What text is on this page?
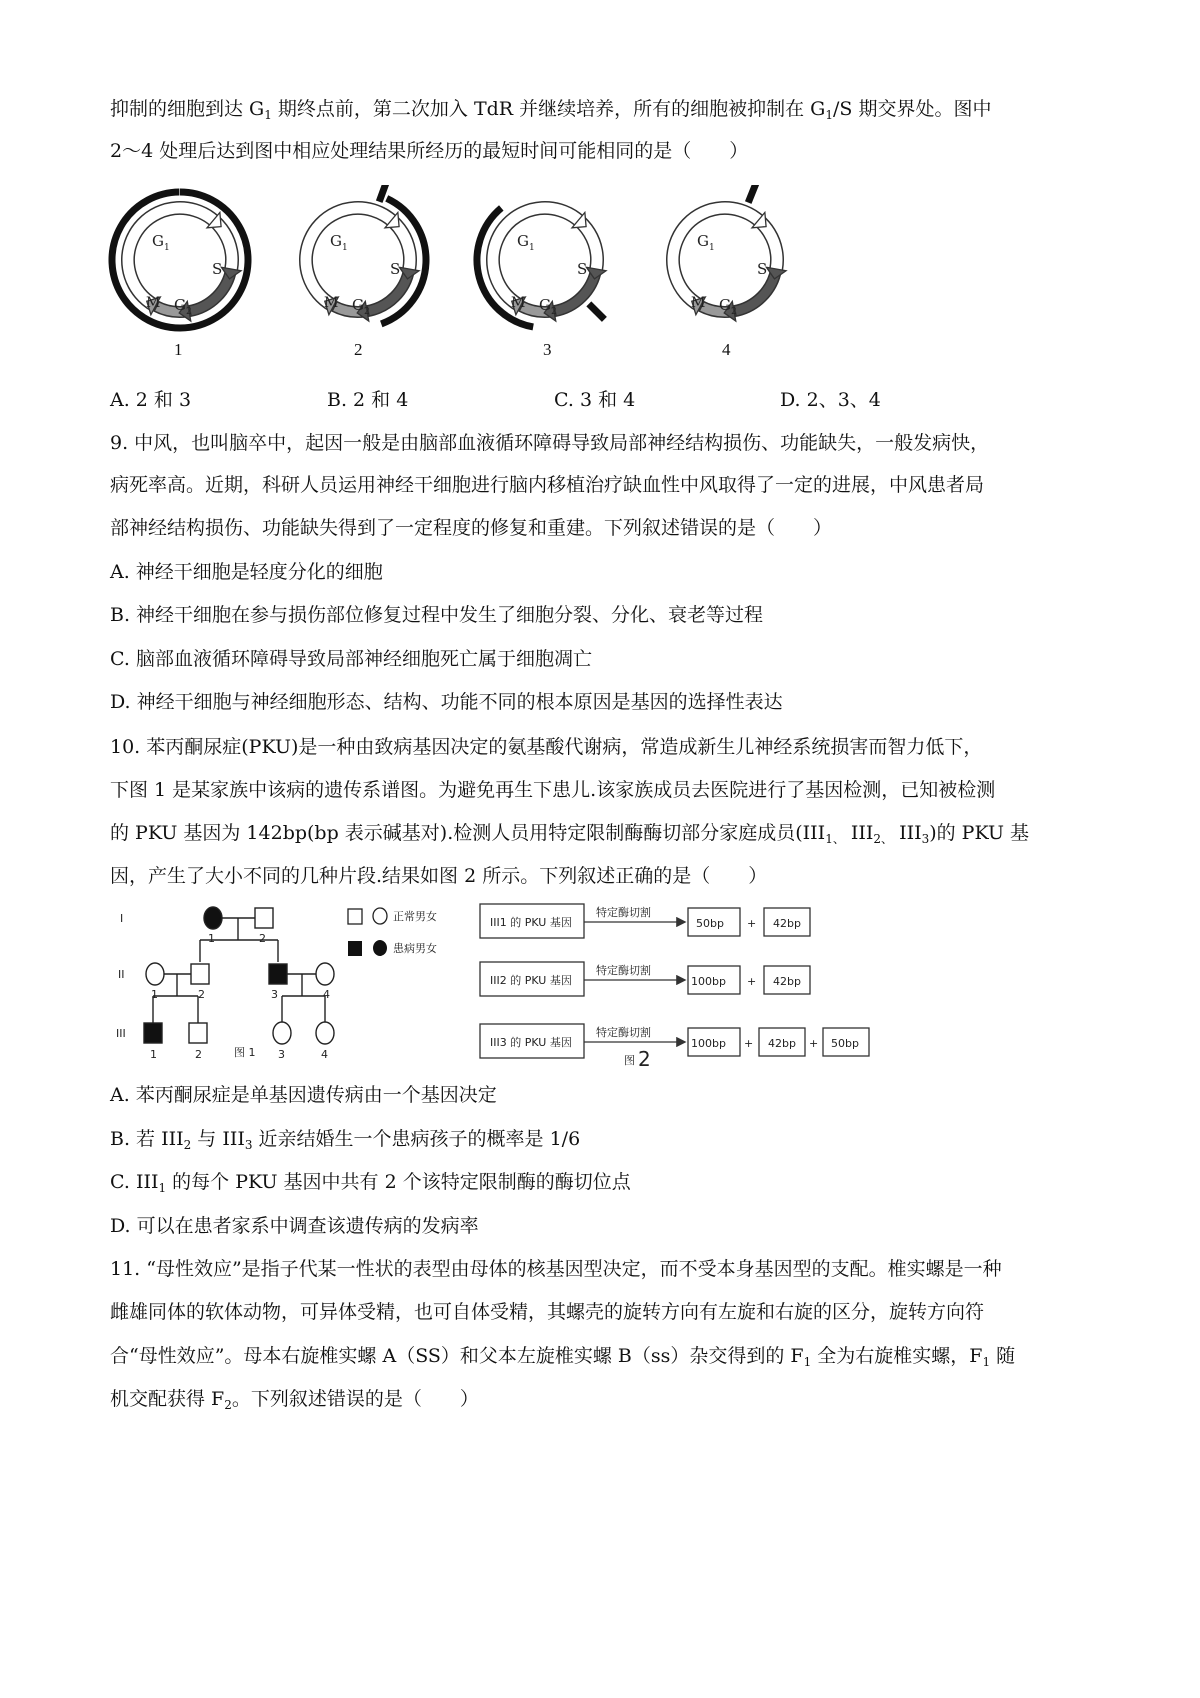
抑制的细胞到达 $G_1$ 期终点前，第二次加入 TdR 并继续培养，所有的细胞被抑制在 $G_1/S$ 期交界处。图中
2～4 处理后达到图中相应处理结果所经历的最短时间可能相同的是（　　）
$G_1$
S
M $G_2$
$G_1$
S
M $G_2$
$G_1$
S
M $G_2$
$G_1$
S
M $G_2$
1	2	3	4
A. 2 和 3	B. 2 和 4	C. 3 和 4	D. 2、3、4
9. 中风，也叫脑卒中，起因一般是由脑部血液循环障碍导致局部神经结构损伤、功能缺失，一般发病快，
病死率高。近期，科研人员运用神经干细胞进行脑内移植治疗缺血性中风取得了一定的进展，中风患者局
部神经结构损伤、功能缺失得到了一定程度的修复和重建。下列叙述错误的是（　　）
A. 神经干细胞是轻度分化的细胞
B. 神经干细胞在参与损伤部位修复过程中发生了细胞分裂、分化、衰老等过程
C. 脑部血液循环障碍导致局部神经细胞死亡属于细胞凋亡
D. 神经干细胞与神经细胞形态、结构、功能不同的根本原因是基因的选择性表达
10. 苯丙酮尿症(PKU)是一种由致病基因决定的氨基酸代谢病，常造成新生儿神经系统损害而智力低下，
下图 1 是某家族中该病的遗传系谱图。为避免再生下患儿.该家族成员去医院进行了基因检测，已知被检测
的 PKU 基因为 142bp(bp 表示碱基对).检测人员用特定限制酶酶切部分家庭成员($III_{1、}$ $III_{2、}$ $III_3$)的 PKU 基
因，产生了大小不同的几种片段.结果如图 2 所示。下列叙述正确的是（　　）
I
II
III
1	2
1	2	3	4
1	2	3	4
图 1
正常男女
患病男女
III1 的 PKU 基因
特定酶切割
50bp + 42bp
III2 的 PKU 基因
特定酶切割
100bp + 42bp
III3 的 PKU 基因
特定酶切割
100bp + 42bp + 50bp
图 2
A. 苯丙酮尿症是单基因遗传病由一个基因决定
B. 若 $III_2$ 与 $III_3$ 近亲结婚生一个患病孩子的概率是 1/6
C. $III_1$ 的每个 PKU 基因中共有 2 个该特定限制酶的酶切位点
D. 可以在患者家系中调查该遗传病的发病率
11. “母性效应”是指子代某一性状的表型由母体的核基因型决定，而不受本身基因型的支配。椎实螺是一种
雌雄同体的软体动物，可异体受精，也可自体受精，其螺壳的旋转方向有左旋和右旋的区分，旋转方向符
合“母性效应”。母本右旋椎实螺 A（SS）和父本左旋椎实螺 B（ss）杂交得到的 $F_1$ 全为右旋椎实螺，$F_1$ 随
机交配获得 $F_2$。下列叙述错误的是（　　）
